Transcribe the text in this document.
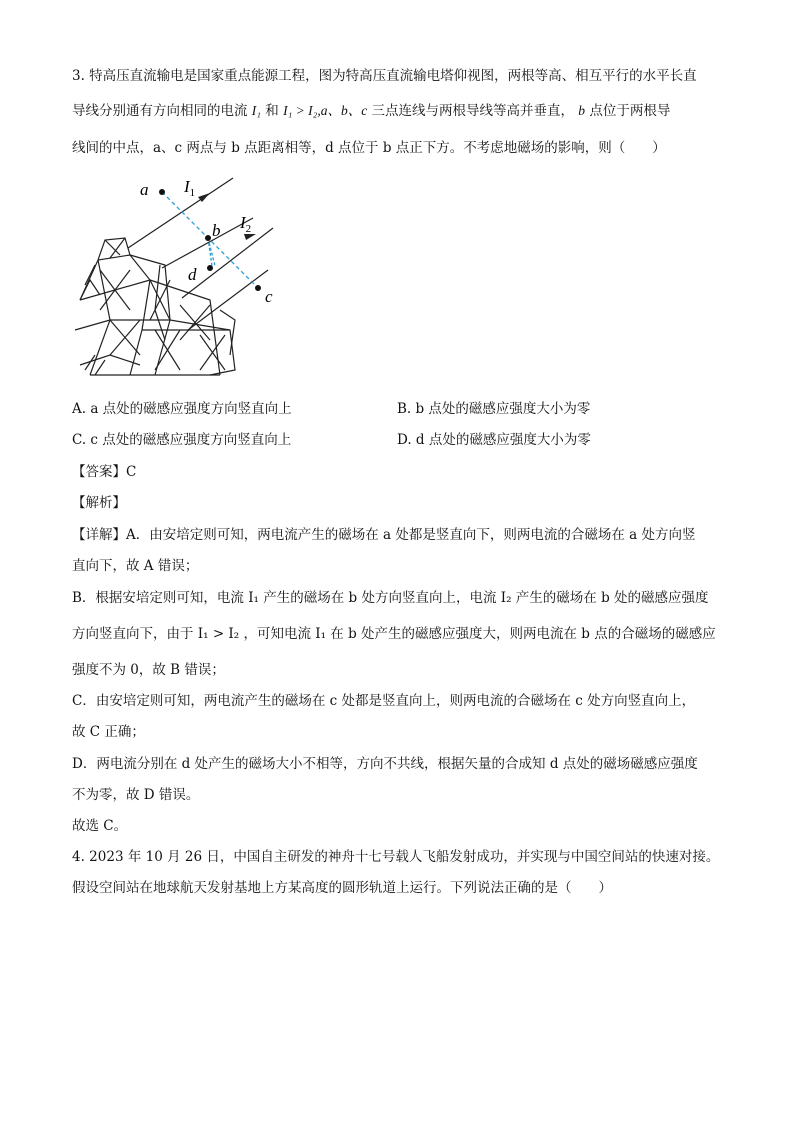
3. 特高压直流输电是国家重点能源工程，图为特高压直流输电塔仰视图，两根等高、相互平行的水平长直
导线分别通有方向相同的电流 I₁ 和 I₁ > I₂,a、b、c 三点连线与两根导线等高并垂直， b 点位于两根导
线间的中点，a、c 两点与 b 点距离相等，d 点位于 b 点正下方。不考虑地磁场的影响，则（　　）
a
b
c
d
$I_1$
$I_2$
A. a 点处的磁感应强度方向竖直向上	B. b 点处的磁感应强度大小为零
C. c 点处的磁感应强度方向竖直向上	D. d 点处的磁感应强度大小为零
【答案】C
【解析】
【详解】A．由安培定则可知，两电流产生的磁场在 a 处都是竖直向下，则两电流的合磁场在 a 处方向竖
直向下，故 A 错误；
B．根据安培定则可知，电流 I₁ 产生的磁场在 b 处方向竖直向上，电流 I₂ 产生的磁场在 b 处的磁感应强度
方向竖直向下，由于 I₁ > I₂ ，可知电流 I₁ 在 b 处产生的磁感应强度大，则两电流在 b 点的合磁场的磁感应
强度不为 0，故 B 错误；
C．由安培定则可知，两电流产生的磁场在 c 处都是竖直向上，则两电流的合磁场在 c 处方向竖直向上，
故 C 正确；
D．两电流分别在 d 处产生的磁场大小不相等，方向不共线，根据矢量的合成知 d 点处的磁场磁感应强度
不为零，故 D 错误。
故选 C。
4. 2023 年 10 月 26 日，中国自主研发的神舟十七号载人飞船发射成功，并实现与中国空间站的快速对接。
假设空间站在地球航天发射基地上方某高度的圆形轨道上运行。下列说法正确的是（　　）
